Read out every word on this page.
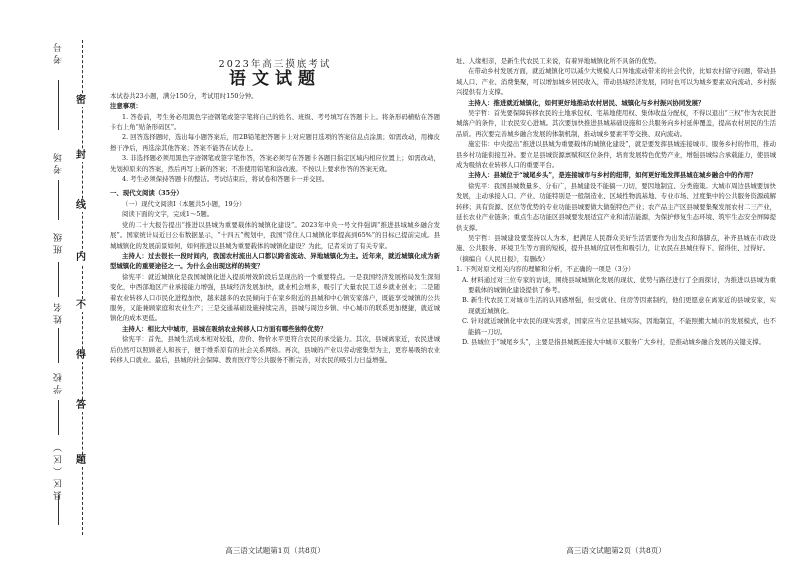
密
封
线
内
不
得
答
题
考号
考场
班级
姓名
学校
县区（区）
2023年高三摸底考试
语文试题

本试卷共23小题，满分150分，考试用时150分钟。

注意事项：

1. 答卷前，考生务必用黑色字迹钢笔或签字笔将自己的姓名、班级、考号填写在答题卡上。将条形码横贴在答题卡右上角“贴条形码区”。

2. 回答选择题时，选出每小题答案后，用2B铅笔把答题卡上对应题目选项的答案信息点涂黑；如需改动，用橡皮擦干净后，再选涂其他答案；答案不能答在试卷上。

3. 非选择题必须用黑色字迹钢笔或签字笔作答，答案必须写在答题卡各题目指定区域内相应位置上；如需改动，先划掉原来的答案，然后再写上新的答案；不准使用铅笔和涂改液。不按以上要求作答的答案无效。

4. 考生必须保持答题卡的整洁。考试结束后，将试卷和答题卡一并交回。

一、现代文阅读（35分）

（一）现代文阅读Ⅰ（本题共5小题，19分）

阅读下面的文字，完成1～5题。

党的二十大报告提出“推进以县城为重要载体的城镇化建设”。2023年中央一号文件强调“推进县域城乡融合发展”。国家统计局近日公布数据显示，“十四五”规划中，我国“常住人口城镇化率提高到65%”的目标已提前完成。县城城镇化的发展前景如何，如何推进以县城为重要载体的城镇化建设？为此，记者采访了有关专家。

主持人：过去很长一段时间内，我国农村流出人口都以跨省流动、异地城镇化为主。近年来，就近城镇化成为新型城镇化的重要途径之一。为什么会出现这样的转变？

徐宪平：就近城镇化是我国城镇化进入提质增效阶段后呈现出的一个重要特点。一是我国经济发展格局发生深刻变化，中西部地区产业承接能力增强，县域经济发展加快，就业机会增多，吸引了大量农民工返乡就业创业；二是随着农业转移人口市民化进程加快，越来越多的农民倾向于在家乡附近的县城和中心镇安家落户，既能享受城镇的公共服务，又能兼顾家庭和农业生产；三是交通基础设施持续完善，县城与周边乡镇、中心城市的联系更加便捷，就近城镇化的成本更低。

主持人：相比大中城市，县城在吸纳农业转移人口方面有哪些独特优势？

徐宪平：首先，县城生活成本相对较低，房价、物价水平更符合农民的承受能力。其次，县城离家近，农民进城后仍然可以照顾老人和孩子，便于维系原有的社会关系网络。再次，县城的产业以劳动密集型为主，更容易吸纳农业转移人口就业。最后，县城的社会保障、教育医疗等公共服务不断完善，对农民的吸引力日益增强。

高三语文试题第1页（共8页）

址、人缘相亲，是新生代农民工来说，有着异地城镇化所不具备的优势。

在带动乡村发展方面，就近城镇化可以减少大规模人口异地流动带来的社会代价，比如农村留守问题，带动县域人口、产业、消费集聚，可以增加城乡居民收入，带动县域经济发展，同时也可以为城乡要素双向流动、乡村振兴提供有力支撑。

主持人：推进就近城镇化，如何更好地推动农村居民、城镇化与乡村振兴协同发展？

吴宇哲：首先要保障转移农民的土地承包权、宅基地使用权、集体收益分配权，不得以退出“三权”作为农民进城落户的条件，让农民安心进城。其次要加快推进县城基础设施和公共服务向乡村延伸覆盖，提高农村居民的生活品质。再次要完善城乡融合发展的体制机制，推动城乡要素平等交换、双向流动。

施宏伟：中央提出“推进以县城为重要载体的城镇化建设”，就是要发挥县城连接城市、服务乡村的作用，推动县乡村功能衔接互补。要立足县城资源禀赋和区位条件，培育发展特色优势产业，增强县城综合承载能力，使县城成为吸纳农业转移人口的重要平台。

主持人：县城位于“城尾乡头”，是连接城市与乡村的纽带，如何更好地发挥县城在城乡融合中的作用？

徐宪平：我国县城数量多、分布广，县城建设不能搞一刀切，要因地制宜、分类施策。大城市周边县城要加快发展，主动承接人口、产业、功能特别是一般制造业、区域性物流基地、专业市场、过度集中的公共服务资源疏解转移；具有资源、区位等优势的专业功能县城要做大做强特色产业；农产品主产区县城要集聚发展农村二三产业，延长农业产业链条；重点生态功能区县城要发展适宜产业和清洁能源，为保护修复生态环境、筑牢生态安全屏障提供支撑。

吴宇哲：县城建设要坚持以人为本，把满足人民群众美好生活需要作为出发点和落脚点，补齐县城在市政设施、公共服务、环境卫生等方面的短板，提升县城的宜居性和吸引力，让农民在县城住得下、留得住、过得好。

（摘编自《人民日报》，有删改）

1. 下列对原文相关内容的理解和分析，不正确的一项是（3分）

A. 材料通过对三位专家的访谈，围绕县域城镇化发展的现状、优势与路径进行了全面探讨，为推进以县城为重要载体的城镇化建设提供了参考。

B. 新生代农民工对城市生活的认同感增强，但受就业、住房等因素制约，他们更愿意在离家近的县城安家，实现就近城镇化。

C. 针对就近城镇化中农民的现实需求，国家应当立足县城实际，因地制宜，不能照搬大城市的发展模式，也不能搞一刀切。

D. 县城位于“城尾乡头”，主要是指县城既连接大中城市又服务广大乡村，是推动城乡融合发展的关键支撑。

高三语文试题第2页（共8页）
